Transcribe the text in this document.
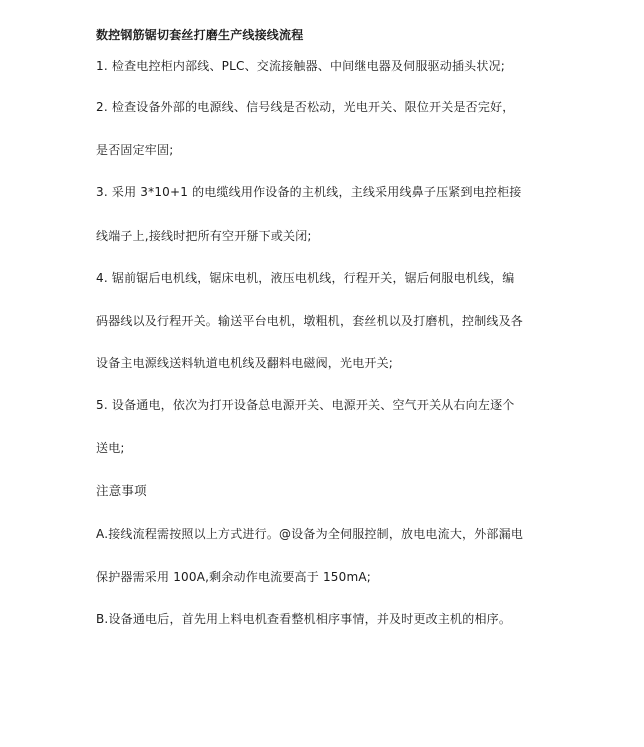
数控钢筋锯切套丝打磨生产线接线流程

1. 检查电控柜内部线、PLC、交流接触器、中间继电器及伺服驱动插头状况;

2. 检查设备外部的电源线、信号线是否松动，光电开关、限位开关是否完好，

是否固定牢固;

3. 采用 3*10+1 的电缆线用作设备的主机线，主线采用线鼻子压紧到电控柜接

线端子上,接线时把所有空开掰下或关闭;

4. 锯前锯后电机线，锯床电机，液压电机线，行程开关，锯后伺服电机线，编

码器线以及行程开关。输送平台电机，墩粗机，套丝机以及打磨机，控制线及各

设备主电源线送料轨道电机线及翻料电磁阀，光电开关;

5. 设备通电，依次为打开设备总电源开关、电源开关、空气开关从右向左逐个

送电;

注意事项

A.接线流程需按照以上方式进行。@设备为全伺服控制，放电电流大，外部漏电

保护器需采用 100A,剩余动作电流要高于 150mA;

B.设备通电后，首先用上料电机查看整机相序事情，并及时更改主机的相序。
